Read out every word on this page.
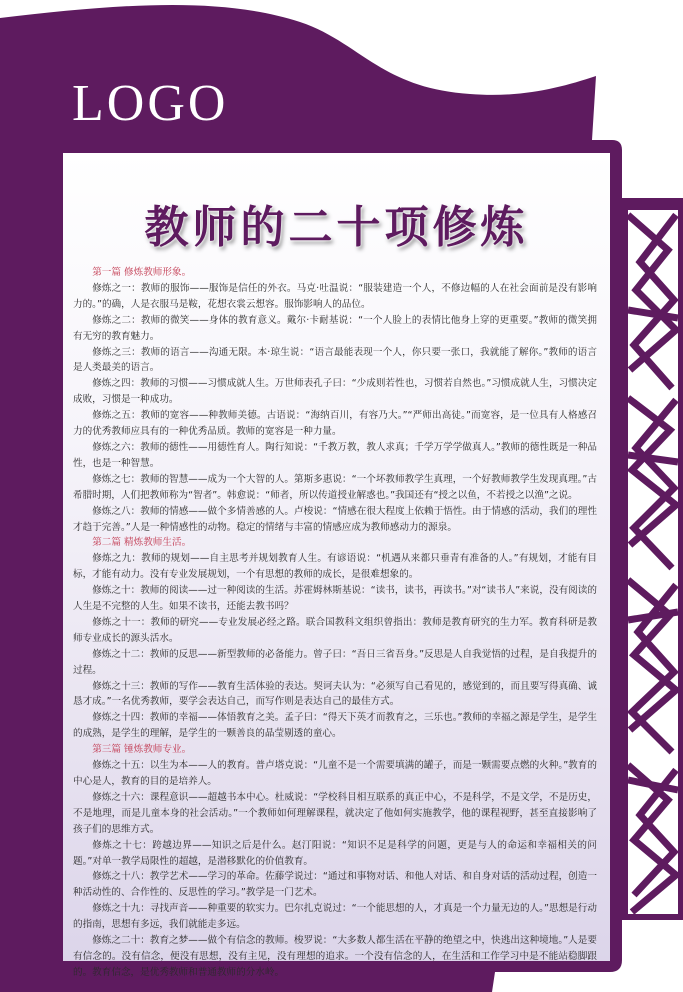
LOGO
教师的二十项修炼

第一篇 修炼教师形象。

修炼之一：教师的服饰——服饰是信任的外衣。马克·吐温说：“服装建造一个人，不修边幅的人在社会面前是没有影响力的。”的确，人是衣服马是鞍，花想衣裳云想容。服饰影响人的品位。

修炼之二：教师的微笑——身体的教育意义。戴尔·卡耐基说：“一个人脸上的表情比他身上穿的更重要。”教师的微笑拥有无穷的教育魅力。

修炼之三：教师的语言——沟通无限。本·琼生说：“语言最能表现一个人，你只要一张口，我就能了解你。”教师的语言是人类最美的语言。

修炼之四：教师的习惯——习惯成就人生。万世师表孔子曰：“少成则若性也，习惯若自然也。”习惯成就人生，习惯决定成败，习惯是一种成功。

修炼之五：教师的宽容——种教师美德。古语说：“海纳百川，有容乃大。”“严师出高徒。”而宽容，是一位具有人格感召力的优秀教师应具有的一种优秀品质。教师的宽容是一种力量。

修炼之六：教师的德性——用德性育人。陶行知说：“千教万教，教人求真；千学万学学做真人。”教师的德性既是一种品性，也是一种智慧。

修炼之七：教师的智慧——成为一个大智的人。第斯多惠说：“一个坏教师教学生真理，一个好教师教学生发现真理。”古希腊时期，人们把教师称为“智者”。韩愈说：“师者，所以传道授业解惑也。”我国还有“授之以鱼，不若授之以渔”之说。

修炼之八：教师的情感——做个多情善感的人。卢梭说：“情感在很大程度上依赖于悟性。由于情感的活动，我们的理性才趋于完善。”人是一种情感性的动物。稳定的情绪与丰富的情感应成为教师感动力的源泉。

第二篇 精炼教师生活。

修炼之九：教师的规划——自主思考并规划教育人生。有谚语说：“机遇从来都只垂青有准备的人。”有规划，才能有目标，才能有动力。没有专业发展规划，一个有思想的教师的成长，是很难想象的。

修炼之十：教师的阅读——过一种阅读的生活。苏霍姆林斯基说：“读书，读书，再读书。”对“读书人”来说，没有阅读的人生是不完整的人生。如果不读书，还能去教书吗？

修炼之十一：教师的研究——专业发展必经之路。联合国教科文组织曾指出：教师是教育研究的生力军。教育科研是教师专业成长的源头活水。

修炼之十二：教师的反思——新型教师的必备能力。曾子曰：“吾日三省吾身。”反思是人自我觉悟的过程，是自我提升的过程。

修炼之十三：教师的写作——教育生活体验的表达。契诃夫认为：“必须写自己看见的，感觉到的，而且要写得真确、诚恳才成。”一名优秀教师，要学会表达自己，而写作则是表达自己的最佳方式。

修炼之十四：教师的幸福——体悟教育之美。孟子曰：“得天下英才而教育之，三乐也。”教师的幸福之源是学生，是学生的成熟，是学生的理解，是学生的一颗善良的晶莹剔透的童心。

第三篇 锤炼教师专业。

修炼之十五：以生为本——人的教育。普卢塔克说：“儿童不是一个需要填满的罐子，而是一颗需要点燃的火种。”教育的中心是人，教育的目的是培养人。

修炼之十六：课程意识——超越书本中心。杜威说：“学校科目相互联系的真正中心，不是科学，不是文学，不是历史，不是地理，而是儿童本身的社会活动。”一个教师如何理解课程，就决定了他如何实施教学，他的课程视野，甚至直接影响了孩子们的思维方式。

修炼之十七：跨越边界——知识之后是什么。赵汀阳说：“知识不足是科学的问题，更是与人的命运和幸福相关的问题。”对单一教学局限性的超越，是潜移默化的价值教育。

修炼之十八：教学艺术——学习的革命。佐藤学说过：“通过和事物对话、和他人对话、和自身对话的活动过程，创造一种活动性的、合作性的、反思性的学习。”教学是一门艺术。

修炼之十九：寻找声音——种重要的软实力。巴尔扎克说过：“一个能思想的人，才真是一个力量无边的人。”思想是行动的指南，思想有多远，我们就能走多远。

修炼之二十：教育之梦——做个有信念的教师。梭罗说：“大多数人都生活在平静的绝望之中，快逃出这种境地。”人是要有信念的。没有信念，便没有思想，没有主见，没有理想的追求。一个没有信念的人，在生活和工作学习中是不能站稳脚跟的。教育信念，是优秀教师和普通教师的分水岭。
